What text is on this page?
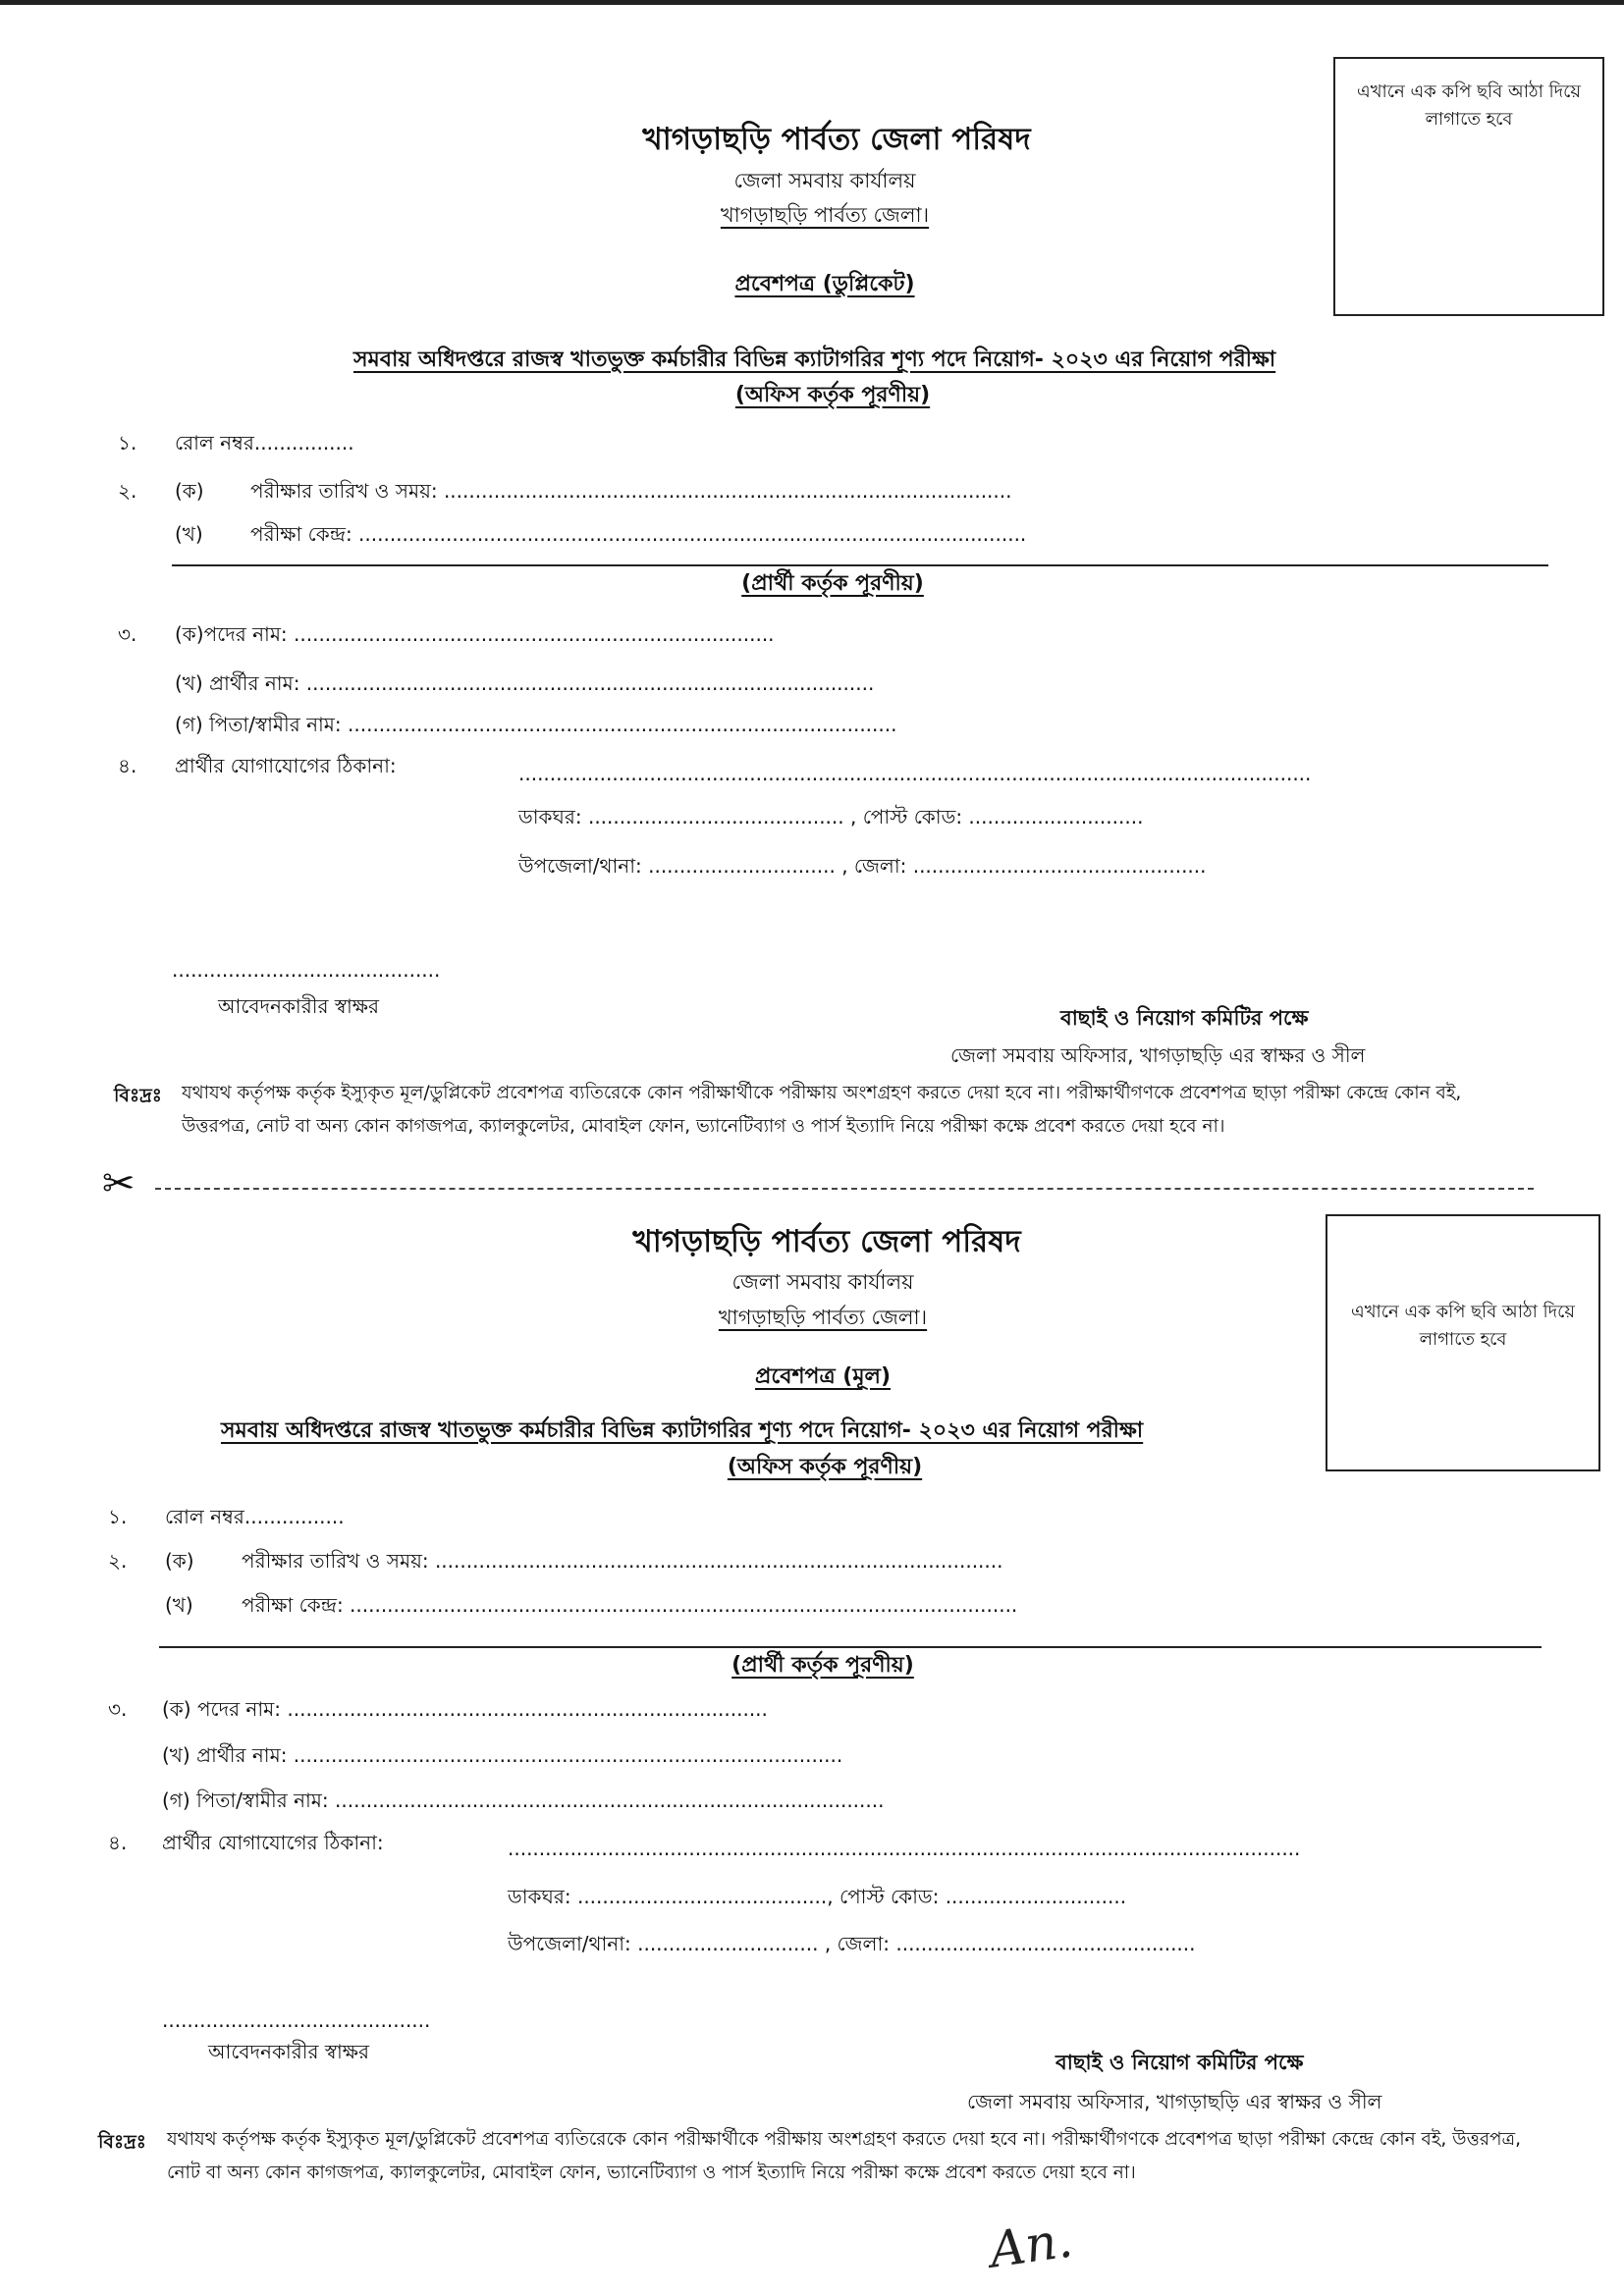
এখানে এক কপি ছবি আঠা দিয়ে লাগাতে হবে
খাগড়াছড়ি পার্বত্য জেলা পরিষদ
জেলা সমবায় কার্যালয়
খাগড়াছড়ি পার্বত্য জেলা।
প্রবেশপত্র (ডুপ্লিকেট)
সমবায় অধিদপ্তরে রাজস্ব খাতভুক্ত কর্মচারীর বিভিন্ন ক্যাটাগরির শূণ্য পদে নিয়োগ- ২০২৩ এর নিয়োগ পরীক্ষা
(অফিস কর্তৃক পূরণীয়)
১. রোল নম্বর................
২. (ক) পরীক্ষার তারিখ ও সময়: ...........................................................................................
(খ) পরীক্ষা কেন্দ্র: ...........................................................................................................
(প্রার্থী কর্তৃক পূরণীয়)
৩. (ক)পদের নাম: .............................................................................
(খ) প্রার্থীর নাম: ...........................................................................................
(গ) পিতা/স্বামীর নাম: ........................................................................................
৪. প্রার্থীর যোগাযোগের ঠিকানা:	...............................................................................................................................
ডাকঘর: ......................................... , পোস্ট কোড: ............................
উপজেলা/থানা: .............................. , জেলা: ...............................................
...........................................
আবেদনকারীর স্বাক্ষর	বাছাই ও নিয়োগ কমিটির পক্ষে
জেলা সমবায় অফিসার, খাগড়াছড়ি এর স্বাক্ষর ও সীল
বিঃদ্রঃ যথাযথ কর্তৃপক্ষ কর্তৃক ইস্যুকৃত মূল/ডুপ্লিকেট প্রবেশপত্র ব্যতিরেকে কোন পরীক্ষার্থীকে পরীক্ষায় অংশগ্রহণ করতে দেয়া হবে না। পরীক্ষার্থীগণকে প্রবেশপত্র ছাড়া পরীক্ষা কেন্দ্রে কোন বই, উত্তরপত্র, নোট বা অন্য কোন কাগজপত্র, ক্যালকুলেটর, মোবাইল ফোন, ভ্যানেটিব্যাগ ও পার্স ইত্যাদি নিয়ে পরীক্ষা কক্ষে প্রবেশ করতে দেয়া হবে না।
✂
এখানে এক কপি ছবি আঠা দিয়ে লাগাতে হবে
খাগড়াছড়ি পার্বত্য জেলা পরিষদ
জেলা সমবায় কার্যালয়
খাগড়াছড়ি পার্বত্য জেলা।
প্রবেশপত্র (মূল)
সমবায় অধিদপ্তরে রাজস্ব খাতভুক্ত কর্মচারীর বিভিন্ন ক্যাটাগরির শূণ্য পদে নিয়োগ- ২০২৩ এর নিয়োগ পরীক্ষা
(অফিস কর্তৃক পূরণীয়)
১. রোল নম্বর................
২. (ক) পরীক্ষার তারিখ ও সময়: ...........................................................................................
(খ) পরীক্ষা কেন্দ্র: ...........................................................................................................
(প্রার্থী কর্তৃক পূরণীয়)
৩. (ক) পদের নাম: .............................................................................
(খ) প্রার্থীর নাম: ........................................................................................
(গ) পিতা/স্বামীর নাম: ........................................................................................
৪. প্রার্থীর যোগাযোগের ঠিকানা:	...............................................................................................................................
ডাকঘর: ........................................, পোস্ট কোড: .............................
উপজেলা/থানা: ............................. , জেলা: ................................................
...........................................
আবেদনকারীর স্বাক্ষর	বাছাই ও নিয়োগ কমিটির পক্ষে
জেলা সমবায় অফিসার, খাগড়াছড়ি এর স্বাক্ষর ও সীল
বিঃদ্রঃ যথাযথ কর্তৃপক্ষ কর্তৃক ইস্যুকৃত মূল/ডুপ্লিকেট প্রবেশপত্র ব্যতিরেকে কোন পরীক্ষার্থীকে পরীক্ষায় অংশগ্রহণ করতে দেয়া হবে না। পরীক্ষার্থীগণকে প্রবেশপত্র ছাড়া পরীক্ষা কেন্দ্রে কোন বই, উত্তরপত্র, নোট বা অন্য কোন কাগজপত্র, ক্যালকুলেটর, মোবাইল ফোন, ভ্যানেটিব্যাগ ও পার্স ইত্যাদি নিয়ে পরীক্ষা কক্ষে প্রবেশ করতে দেয়া হবে না।
An.
